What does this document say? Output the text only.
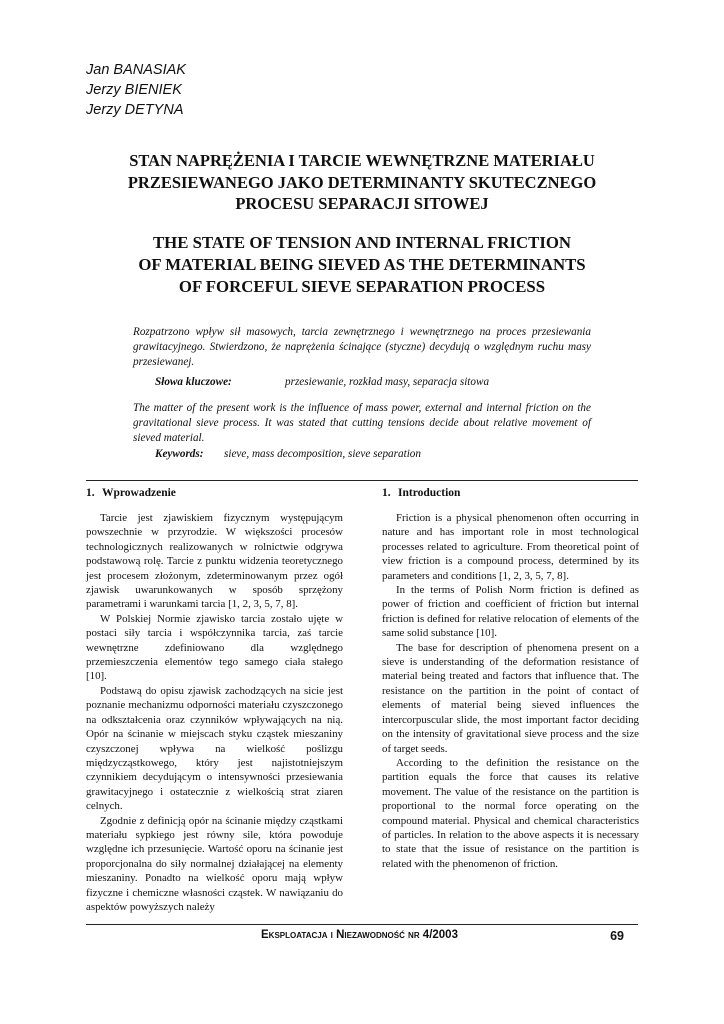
Jan BANASIAK
Jerzy BIENIEK
Jerzy DETYNA
STAN NAPRĘŻENIA I TARCIE WEWNĘTRZNE MATERIAŁU
PRZESIEWANEGO JAKO DETERMINANTY SKUTECZNEGO
PROCESU SEPARACJI SITOWEJ
THE STATE OF TENSION AND INTERNAL FRICTION
OF MATERIAL BEING SIEVED AS THE DETERMINANTS
OF FORCEFUL SIEVE SEPARATION PROCESS
Rozpatrzono wpływ sił masowych, tarcia zewnętrznego i wewnętrznego na proces przesiewania grawitacyjnego. Stwierdzono, że naprężenia ścinające (styczne) decydują o względnym ruchu masy przesiewanej.
Słowa kluczowe:	przesiewanie, rozkład masy, separacja sitowa
The matter of the present work is the influence of mass power, external and internal friction on the gravitational sieve process. It was stated that cutting tensions decide about relative movement of sieved material.
Keywords: sieve, mass decomposition, sieve separation
1. Wprowadzenie

Tarcie jest zjawiskiem fizycznym występującym powszechnie w przyrodzie. W większości procesów technologicznych realizowanych w rolnictwie odgrywa podstawową rolę. Tarcie z punktu widzenia teoretycznego jest procesem złożonym, zdeterminowanym przez ogół zjawisk uwarunkowanych w sposób sprzężony parametrami i warunkami tarcia [1, 2, 3, 5, 7, 8].

W Polskiej Normie zjawisko tarcia zostało ujęte w postaci siły tarcia i współczynnika tarcia, zaś tarcie wewnętrzne zdefiniowano dla względnego przemieszczenia elementów tego samego ciała stałego [10].

Podstawą do opisu zjawisk zachodzących na sicie jest poznanie mechanizmu odporności materiału czyszczonego na odkształcenia oraz czynników wpływających na nią. Opór na ścinanie w miejscach styku cząstek mieszaniny czyszczonej wpływa na wielkość poślizgu międzycząstkowego, który jest najistotniejszym czynnikiem decydującym o intensywności przesiewania grawitacyjnego i ostatecznie z wielkością strat ziaren celnych.

Zgodnie z definicją opór na ścinanie między cząstkami materiału sypkiego jest równy sile, która powoduje względne ich przesunięcie. Wartość oporu na ścinanie jest proporcjonalna do siły normalnej działającej na elementy mieszaniny. Ponadto na wielkość oporu mają wpływ fizyczne i chemiczne własności cząstek. W nawiązaniu do aspektów powyższych należy

1. Introduction

Friction is a physical phenomenon often occurring in nature and has important role in most technological processes related to agriculture. From theoretical point of view friction is a compound process, determined by its parameters and conditions [1, 2, 3, 5, 7, 8].

In the terms of Polish Norm friction is defined as power of friction and coefficient of friction but internal friction is defined for relative relocation of elements of the same solid substance [10].

The base for description of phenomena present on a sieve is understanding of the deformation resistance of material being treated and factors that influence that. The resistance on the partition in the point of contact of elements of material being sieved influences the intercorpuscular slide, the most important factor deciding on the intensity of gravitational sieve process and the size of target seeds.

According to the definition the resistance on the partition equals the force that causes its relative movement. The value of the resistance on the partition is proportional to the normal force operating on the compound material. Physical and chemical characteristics of particles. In relation to the above aspects it is necessary to state that the issue of resistance on the partition is related with the phenomenon of friction.

Eksploatacja i Niezawodność nr 4/2003	69
